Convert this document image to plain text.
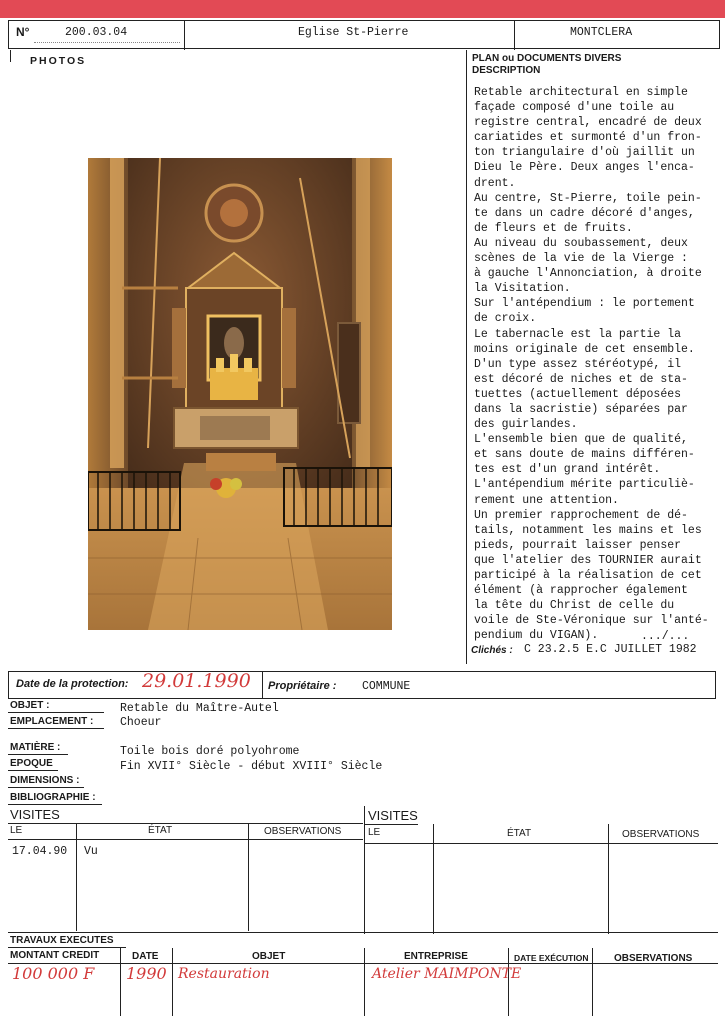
N°	200.03.04	Eglise St-Pierre	MONTCLERA
PHOTOS	PLAN ou DOCUMENTS DIVERS
DESCRIPTION
Retable architectural en simple
façade composé d'une toile au
registre central, encadré de deux
cariatides et surmonté d'un fron-
ton triangulaire d'où jaillit un
Dieu le Père. Deux anges l'enca-
drent.
Au centre, St-Pierre, toile pein-
te dans un cadre décoré d'anges,
de fleurs et de fruits.
Au niveau du soubassement, deux
scènes de la vie de la Vierge :
à gauche l'Annonciation, à droite
la Visitation.
Sur l'antépendium : le portement
de croix.
Le tabernacle est la partie la
moins originale de cet ensemble.
D'un type assez stéréotypé, il
est décoré de niches et de sta-
tuettes (actuellement déposées
dans la sacristie) séparées par
des guirlandes.
L'ensemble bien que de qualité,
et sans doute de mains différen-
tes est d'un grand intérêt.
L'antépendium mérite particuliè-
rement une attention.
Un premier rapprochement de dé-
tails, notamment les mains et les
pieds, pourrait laisser penser
que l'atelier des TOURNIER aurait
participé à la réalisation de cet
élément (à rapprocher également
la tête du Christ de celle du
voile de Ste-Véronique sur l'anté-
pendium du VIGAN).	.../...
Clichés : C 23.2.5 E.C JUILLET 1982
Date de la protection: 29.01.1990 Propriétaire : COMMUNE
OBJET :	Retable du Maître-Autel
EMPLACEMENT : Choeur
MATIÈRE :	Toile bois doré polyohrome
EPOQUE	Fin XVII° Siècle - début XVIII° Siècle
DIMENSIONS :
BIBLIOGRAPHIE :
VISITES	VISITES
LE	ÉTAT	OBSERVATIONS	LE	ÉTAT	OBSERVATIONS
17.04.90 Vu
TRAVAUX EXECUTES
MONTANT CREDIT	DATE	OBJET	ENTREPRISE	DATE EXÉCUTION	OBSERVATIONS
100 000 F 1990 Restauration	Atelier MAIMPONTE
